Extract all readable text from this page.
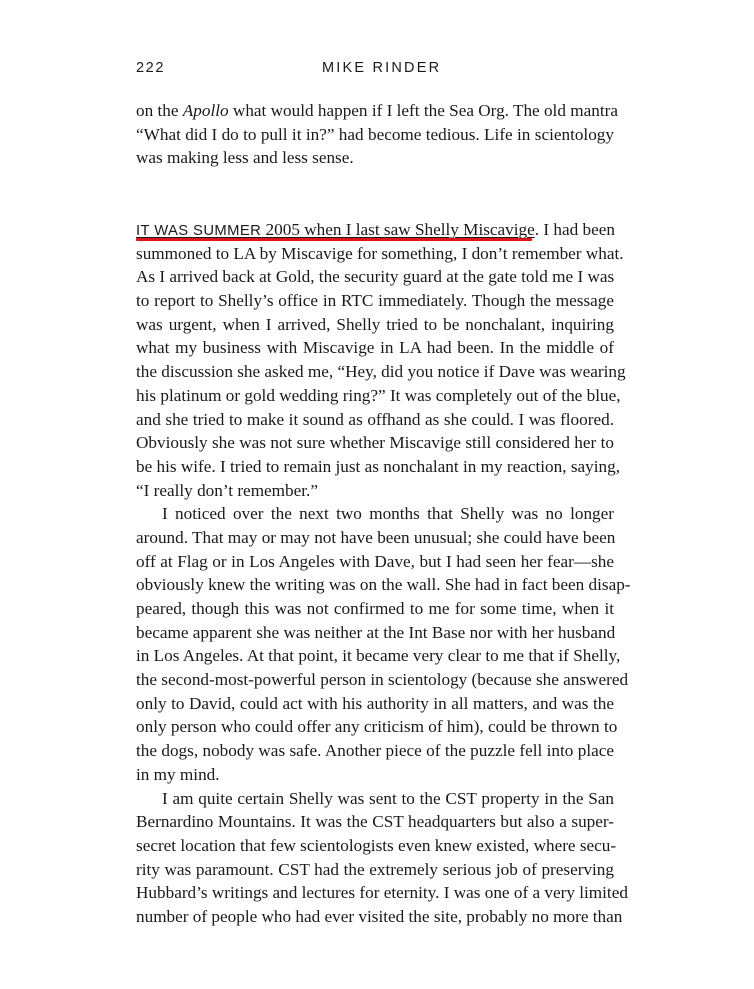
222	MIKE RINDER
on the Apollo what would happen if I left the Sea Org. The old mantra
“What did I do to pull it in?” had become tedious. Life in scientology
was making less and less sense.
IT WAS SUMMER 2005 when I last saw Shelly Miscavige. I had been
summoned to LA by Miscavige for something, I don’t remember what.
As I arrived back at Gold, the security guard at the gate told me I was
to report to Shelly’s office in RTC immediately. Though the message
was urgent, when I arrived, Shelly tried to be nonchalant, inquiring
what my business with Miscavige in LA had been. In the middle of
the discussion she asked me, “Hey, did you notice if Dave was wearing
his platinum or gold wedding ring?” It was completely out of the blue,
and she tried to make it sound as offhand as she could. I was floored.
Obviously she was not sure whether Miscavige still considered her to
be his wife. I tried to remain just as nonchalant in my reaction, saying,
“I really don’t remember.”
I noticed over the next two months that Shelly was no longer
around. That may or may not have been unusual; she could have been
off at Flag or in Los Angeles with Dave, but I had seen her fear—she
obviously knew the writing was on the wall. She had in fact been disap-
peared, though this was not confirmed to me for some time, when it
became apparent she was neither at the Int Base nor with her husband
in Los Angeles. At that point, it became very clear to me that if Shelly,
the second-most-powerful person in scientology (because she answered
only to David, could act with his authority in all matters, and was the
only person who could offer any criticism of him), could be thrown to
the dogs, nobody was safe. Another piece of the puzzle fell into place
in my mind.
I am quite certain Shelly was sent to the CST property in the San
Bernardino Mountains. It was the CST headquarters but also a super-
secret location that few scientologists even knew existed, where secu-
rity was paramount. CST had the extremely serious job of preserving
Hubbard’s writings and lectures for eternity. I was one of a very limited
number of people who had ever visited the site, probably no more than
